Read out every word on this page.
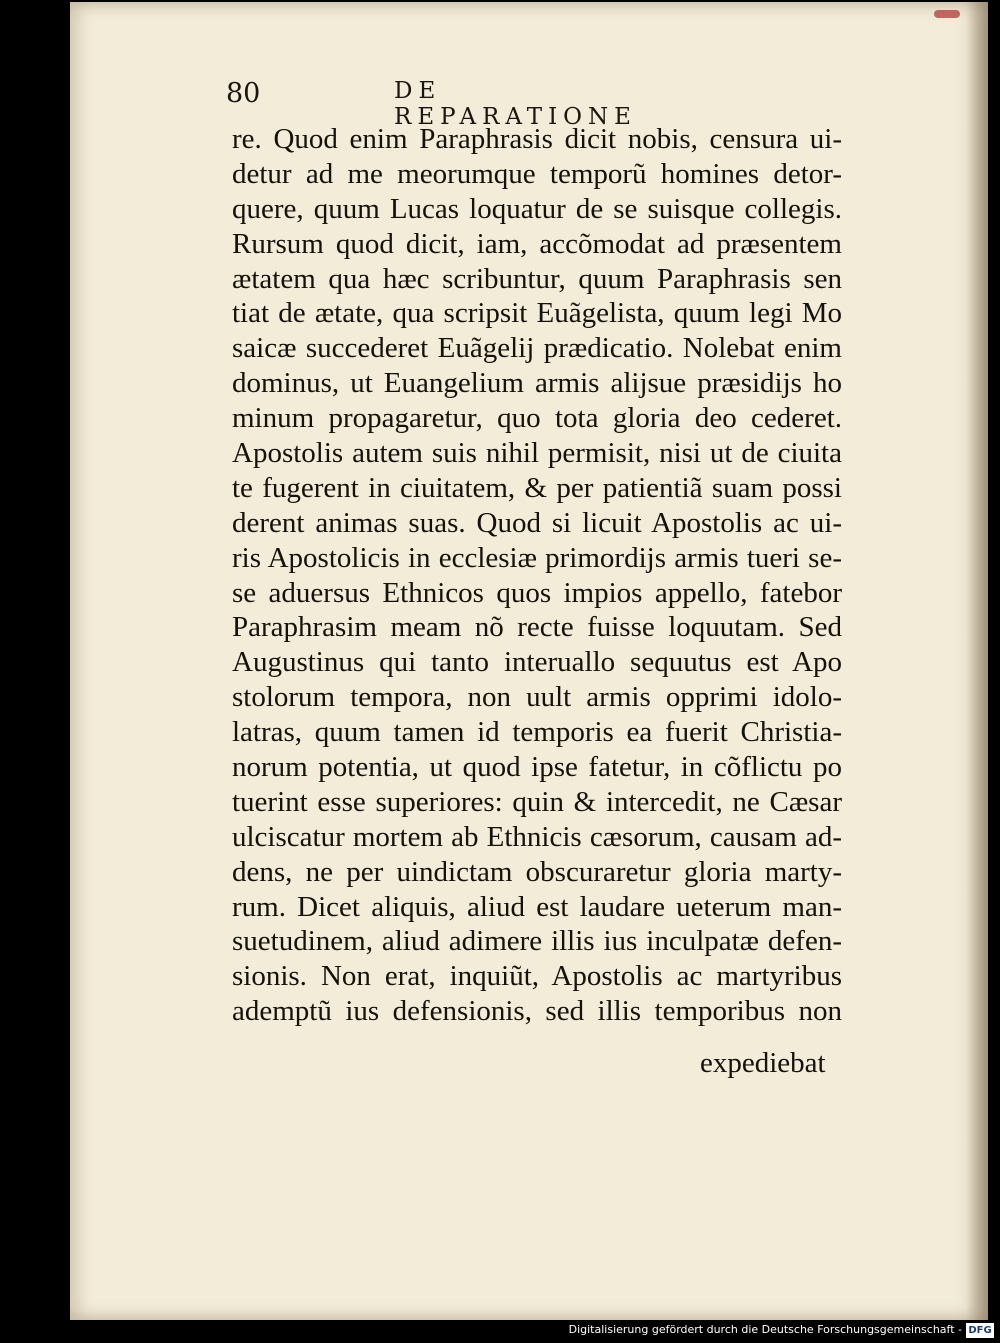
80	DE REPARATIONE
re. Quod enim Paraphrasis dicit nobis, censura ui-
detur ad me meorumque temporũ homines detor-
quere, quum Lucas loquatur de se suisque collegis.
Rursum quod dicit, iam, accõmodat ad præsentem
ætatem qua hæc scribuntur, quum Paraphrasis sen
tiat de ætate, qua scripsit Euãgelista, quum legi Mo
saicæ succederet Euãgelij prædicatio. Nolebat enim
dominus, ut Euangelium armis alijsue præsidijs ho
minum propagaretur, quo tota gloria deo cederet.
Apostolis autem suis nihil permisit, nisi ut de ciuita
te fugerent in ciuitatem, & per patientiã suam possi
derent animas suas. Quod si licuit Apostolis ac ui-
ris Apostolicis in ecclesiæ primordijs armis tueri se-
se aduersus Ethnicos quos impios appello, fatebor
Paraphrasim meam nõ recte fuisse loquutam. Sed
Augustinus qui tanto interuallo sequutus est Apo
stolorum tempora, non uult armis opprimi idolo-
latras, quum tamen id temporis ea fuerit Christia-
norum potentia, ut quod ipse fatetur, in cõflictu po
tuerint esse superiores: quin & intercedit, ne Cæsar
ulciscatur mortem ab Ethnicis cæsorum, causam ad-
dens, ne per uindictam obscuraretur gloria marty-
rum. Dicet aliquis, aliud est laudare ueterum man-
suetudinem, aliud adimere illis ius inculpatæ defen-
sionis. Non erat, inquiũt, Apostolis ac martyribus
ademptũ ius defensionis, sed illis temporibus non
expediebat
Digitalisierung gefördert durch die Deutsche Forschungsgemeinschaft - DFG
